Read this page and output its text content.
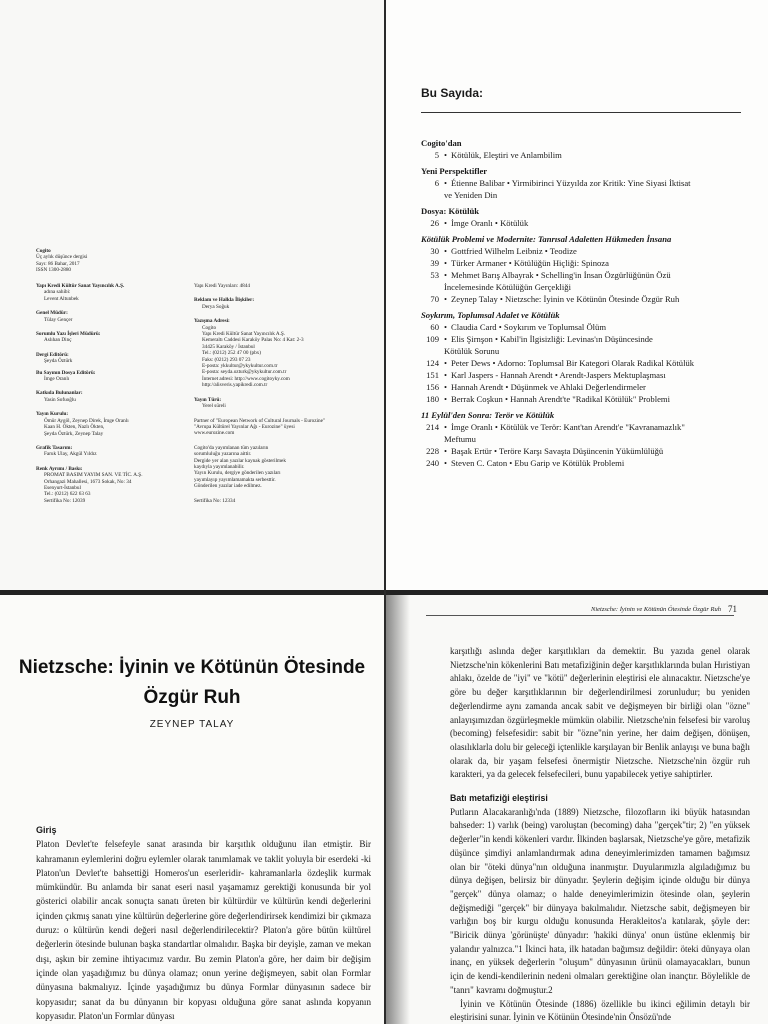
Cogito
Üç aylık düşünce dergisi
Sayı: 86 Bahar, 2017
ISSN 1300-2880
Yapı Kredi Kültür Sanat Yayıncılık A.Ş.
adına sahibi:
Levent Altunbek
Genel Müdür:
Tülay Gençer
Sorumlu Yazı İşleri Müdürü:
Aslıhan Dinç
Dergi Editörü:
Şeyda Öztürk
Bu Sayının Dosya Editörü:
İmge Oranlı
Katkıda Bulunanlar:
Yasin Sofuoğlu
Yayın Kurulu:
Ömür Aygöl, Zeynep Direk, İmge Oranlı
Kaan H. Ökten, Nazlı Ökten,
Şeyda Öztürk, Zeynep Talay
Grafik Tasarım:
Faruk Ulay, Akgül Yıldız
Renk Ayrımı / Baskı:
PROMAT BASIM YAYIM SAN. VE TİC. A.Ş.
Orhangazi Mahallesi, 1673 Sokak, No: 34
Esenyurt-İstanbul
Tel.: (0212) 622 63 63
Sertifika No: 12039
Yapı Kredi Yayınları: 4844
Reklam ve Halkla İlişkiler:
Derya Soğuk
Yazışma Adresi:
Cogito
Yapı Kredi Kültür Sanat Yayıncılık A.Ş.
Kemeraltı Caddesi Karaköy Palas No: 4 Kat: 2-3
34425 Karaköy / İstanbul
Tel.: (0212) 252 47 00 (pbx)
Faks: (0212) 293 07 23
E-posta: ykkultur@ykykultur.com.tr
E-posta: seyda.ozturk@ykykultur.com.tr
İnternet adresi: http://www.cogitoyky.com
http://alisveris.yapikredi.com.tr
Yayın Türü:
Yerel süreli
Partner of "European Network of Cultural Journals - Eurozine"
"Avrupa Kültürel Yayınlar Ağı - Eurozine" üyesi
www.eurozine.com
Cogito'da yayımlanan tüm yazıların
sorumluluğu yazarına aittir.
Dergide yer alan yazılar kaynak gösterilmek
kaydıyla yayımlanabilir.
Yayın Kurulu, dergiye gönderilen yazıları
yayımlayıp yayımlamamakta serbesttir.
Gönderilen yazılar iade edilmez.
Sertifika No: 12334
Bu Sayıda:
Cogito'dan
5 • Kötülük, Eleştiri ve Anlambilim
Yeni Perspektifler
6 • Étienne Balibar • Yirmibirinci Yüzyılda zor Kritik: Yine Siyasi İktisat
ve Yeniden Din
Dosya: Kötülük
26 • İmge Oranlı • Kötülük
Kötülük Problemi ve Modernite: Tanrısal Adaletten Hükmeden İnsana
30 • Gottfried Wilhelm Leibniz • Teodize
39 • Türker Armaner • Kötülüğün Hiçliği: Spinoza
53 • Mehmet Barış Albayrak • Schelling'in İnsan Özgürlüğünün Özü
İncelemesinde Kötülüğün Gerçekliği
70 • Zeynep Talay • Nietzsche: İyinin ve Kötünün Ötesinde Özgür Ruh
Soykırım, Toplumsal Adalet ve Kötülük
60 • Claudia Card • Soykırım ve Toplumsal Ölüm
109 • Elis Şirnşon • Kabil'in İlgisizliği: Levinas'ın Düşüncesinde
Kötülük Sorunu
124 • Peter Dews • Adorno: Toplumsal Bir Kategori Olarak Radikal Kötülük
151 • Karl Jaspers - Hannah Arendt • Arendt-Jaspers Mektuplaşması
156 • Hannah Arendt • Düşünmek ve Ahlaki Değerlendirmeler
180 • Berrak Coşkun • Hannah Arendt'te "Radikal Kötülük" Problemi
11 Eylül'den Sonra: Terör ve Kötülük
214 • İmge Oranlı • Kötülük ve Terör: Kant'tan Arendt'e "Kavranamazlık"
Meftumu
228 • Başak Ertür • Teröre Karşı Savaşta Düşüncenin Yükümlülüğü
240 • Steven C. Caton • Ebu Garip ve Kötülük Problemi
Nietzsche: İyinin ve Kötünün Ötesinde
Özgür Ruh
ZEYNEP TALAY
Giriş
Platon Devlet'te felsefeyle sanat arasında bir karşıtlık olduğunu ilan etmiştir. Bir kahramanın eylemlerini doğru eylemler olarak tanımlamak ve taklit yoluyla bir eserdeki -ki Platon'un Devlet'te bahsettiği Homeros'un eserleridir- kahramanlarla özdeşlik kurmak mümkündür. Bu anlamda bir sanat eseri nasıl yaşamamız gerektiği konusunda bir yol gösterici olabilir ancak sonuçta sanatı üreten bir kültürdür ve kültürün kendi değerlerini içinden çıkmış sanatı yine kültürün değerlerine göre değerlendirirsek kendimizi bir çıkmaza duruz: o kültürün kendi değeri nasıl değerlendirilecektir? Platon'a göre bütün kültürel değerlerin ötesinde bulunan başka standartlar olmalıdır. Başka bir deyişle, zaman ve mekan dışı, aşkın bir zemine ihtiyacımız vardır. Bu zemin Platon'a göre, her daim bir değişim içinde olan yaşadığımız bu dünya olamaz; onun yerine değişmeyen, sabit olan Formlar dünyasına bakmalıyız. İçinde yaşadığımız bu dünya Formlar dünyasının sadece bir kopyasıdır; sanat da bu dünyanın bir kopyası olduğuna göre sanat aslında kopyanın kopyasıdır. Platon'un Formlar dünyası
Nietzsche: İyinin ve Kötünün Ötesinde Özgür Ruh 71

karşıtlığı aslında değer karşıtlıkları da demektir. Bu yazıda genel olarak Nietzsche'nin kökenlerini Batı metafiziğinin değer karşıtlıklarında bulan Hıristiyan ahlakı, özelde de "iyi" ve "kötü" değerlerinin eleştirisi ele alınacaktır. Nietzsche'ye göre bu değer karşıtlıklarının bir değerlendirilmesi zorunludur; bu yeniden değerlendirme aynı zamanda ancak sabit ve değişmeyen bir birliği olan "özne" anlayışımızdan özgürleşmekle mümkün olabilir. Nietzsche'nin felsefesi bir varoluş (becoming) felsefesidir: sabit bir "özne"nin yerine, her daim değişen, dönüşen, olasılıklarla dolu bir geleceği içtenlikle karşılayan bir Benlik anlayışı ve buna bağlı olarak da, bir yaşam felsefesi önermiştir Nietzsche. Nietzsche'nin özgür ruh karakteri, ya da gelecek felsefecileri, bunu yapabilecek yetiye sahiptirler.

Batı metafiziği eleştirisi

Putların Alacakaranlığı'nda (1889) Nietzsche, filozofların iki büyük hatasından bahseder: 1) varlık (being) varoluştan (becoming) daha "gerçek"tir; 2) "en yüksek değerler"in kendi kökenleri vardır. İlkinden başlarsak, Nietzsche'ye göre, metafizik düşünce şimdiyi anlamlandırmak adına deneyimlerimizden tamamen bağımsız olan bir "öteki dünya"nın olduğuna inanmıştır. Duyularımızla algıladığımız bu dünya değişen, belirsiz bir dünyadır. Şeylerin değişim içinde olduğu bir dünya "gerçek" dünya olamaz; o halde deneyimlerimizin ötesinde olan, şeylerin değişmediği "gerçek" bir dünyaya bakılmalıdır. Nietzsche sabit, değişmeyen bir varlığın boş bir kurgu olduğu konusunda Herakleitos'a katılarak, şöyle der: "Biricik dünya 'görünüşte' dünyadır: 'hakiki dünya' onun üstüne eklenmiş bir yalandır yalnızca."1 İkinci hata, ilk hatadan bağımsız değildir: öteki dünyaya olan inanç, en yüksek değerlerin "oluşum" dünyasının ürünü olamayacakları, bunun için de kendi-kendilerinin nedeni olmaları gerektiğine olan inançtır. Böylelikle de "tanrı" kavramı doğmuştur.2

İyinin ve Kötünün Ötesinde (1886) özellikle bu ikinci eğilimin detaylı bir eleştirisini sunar. İyinin ve Kötünün Ötesinde'nin Önsözü'nde
